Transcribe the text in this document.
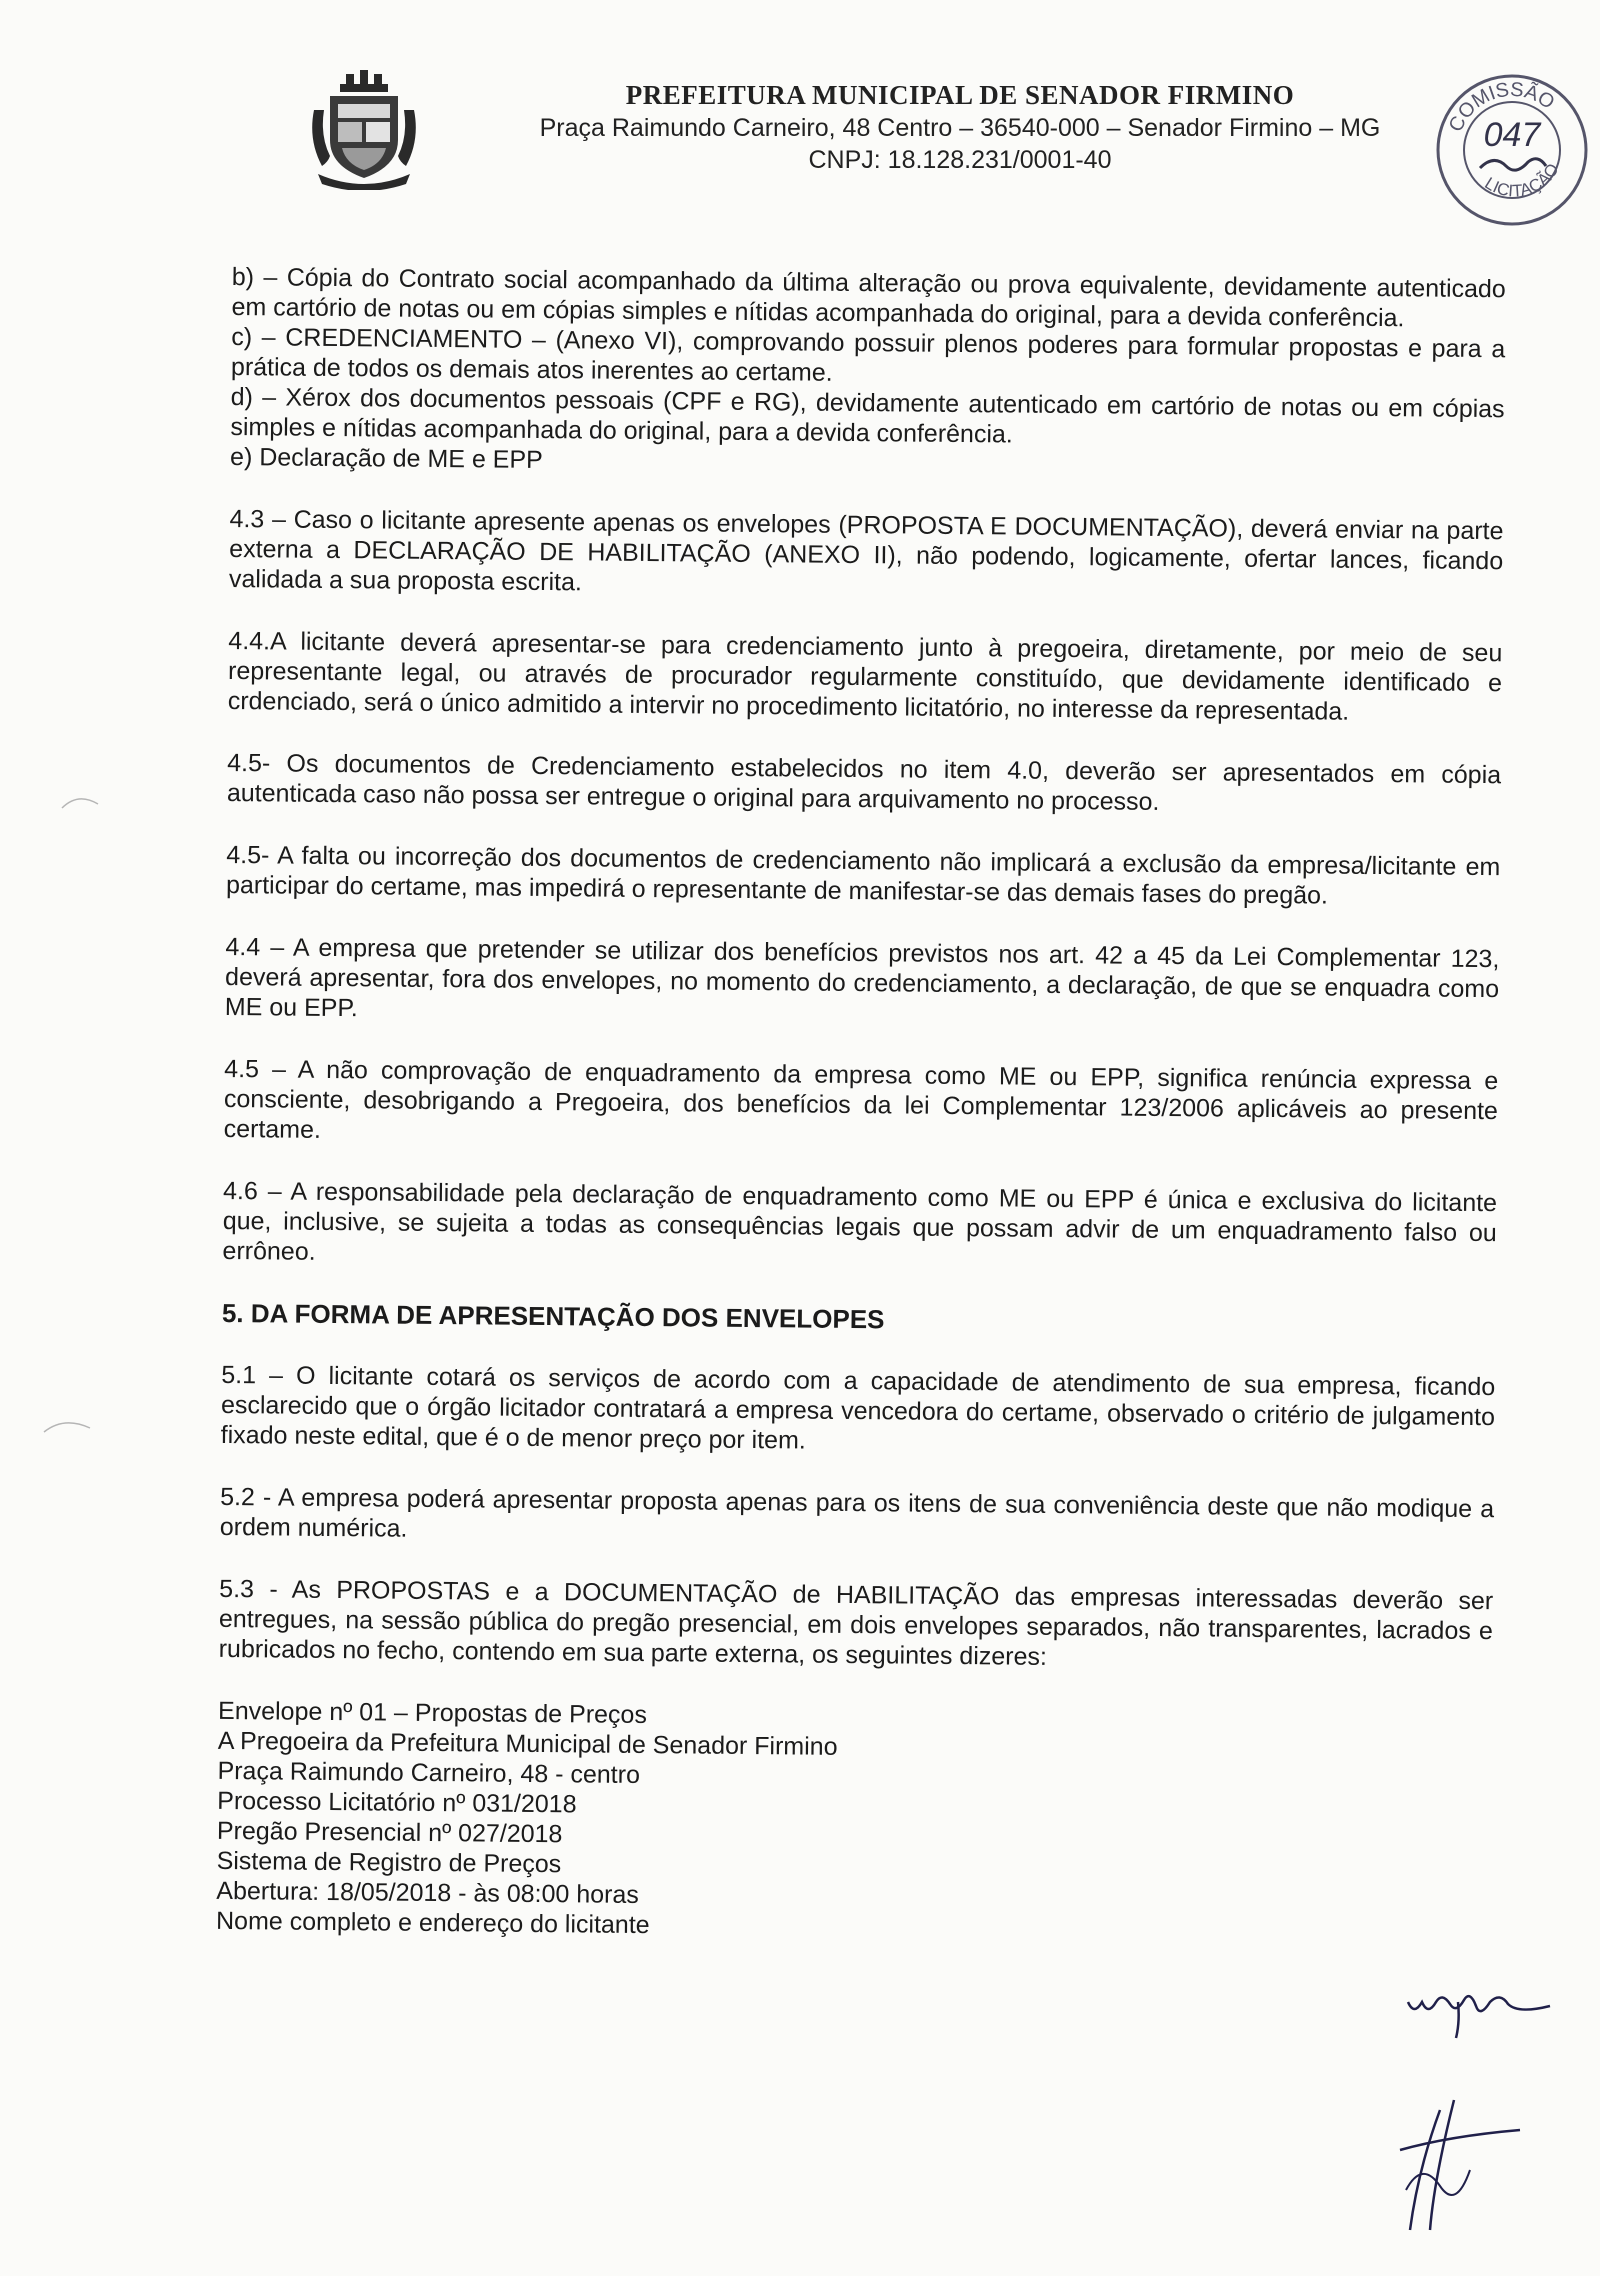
PREFEITURA MUNICIPAL DE SENADOR FIRMINO

Praça Raimundo Carneiro, 48 Centro – 36540-000 – Senador Firmino – MG

CNPJ: 18.128.231/0001-40

COMISSÃO
LICITAÇÃO
047

b) – Cópia do Contrato social acompanhado da última alteração ou prova equivalente, devidamente autenticado em cartório de notas ou em cópias simples e nítidas acompanhada do original, para a devida conferência.

c) – CREDENCIAMENTO – (Anexo VI), comprovando possuir plenos poderes para formular propostas e para a prática de todos os demais atos inerentes ao certame.

d) – Xérox dos documentos pessoais (CPF e RG), devidamente autenticado em cartório de notas ou em cópias simples e nítidas acompanhada do original, para a devida conferência.

e) Declaração de ME e EPP

4.3 – Caso o licitante apresente apenas os envelopes (PROPOSTA E DOCUMENTAÇÃO), deverá enviar na parte externa a DECLARAÇÃO DE HABILITAÇÃO (ANEXO II), não podendo, logicamente, ofertar lances, ficando validada a sua proposta escrita.

4.4.A licitante deverá apresentar-se para credenciamento junto à pregoeira, diretamente, por meio de seu representante legal, ou através de procurador regularmente constituído, que devidamente identificado e crdenciado, será o único admitido a intervir no procedimento licitatório, no interesse da representada.

4.5- Os documentos de Credenciamento estabelecidos no item 4.0, deverão ser apresentados em cópia autenticada caso não possa ser entregue o original para arquivamento no processo.

4.5- A falta ou incorreção dos documentos de credenciamento não implicará a exclusão da empresa/licitante em participar do certame, mas impedirá o representante de manifestar-se das demais fases do pregão.

4.4 – A empresa que pretender se utilizar dos benefícios previstos nos art. 42 a 45 da Lei Complementar 123, deverá apresentar, fora dos envelopes, no momento do credenciamento, a declaração, de que se enquadra como ME ou EPP.

4.5 – A não comprovação de enquadramento da empresa como ME ou EPP, significa renúncia expressa e consciente, desobrigando a Pregoeira, dos benefícios da lei Complementar 123/2006 aplicáveis ao presente certame.

4.6 – A responsabilidade pela declaração de enquadramento como ME ou EPP é única e exclusiva do licitante que, inclusive, se sujeita a todas as consequências legais que possam advir de um enquadramento falso ou errôneo.

5. DA FORMA DE APRESENTAÇÃO DOS ENVELOPES

5.1 – O licitante cotará os serviços de acordo com a capacidade de atendimento de sua empresa, ficando esclarecido que o órgão licitador contratará a empresa vencedora do certame, observado o critério de julgamento fixado neste edital, que é o de menor preço por item.

5.2 - A empresa poderá apresentar proposta apenas para os itens de sua conveniência deste que não modique a ordem numérica.

5.3 - As PROPOSTAS e a DOCUMENTAÇÃO de HABILITAÇÃO das empresas interessadas deverão ser entregues, na sessão pública do pregão presencial, em dois envelopes separados, não transparentes, lacrados e rubricados no fecho, contendo em sua parte externa, os seguintes dizeres:

Envelope nº 01 – Propostas de Preços

A Pregoeira da Prefeitura Municipal de Senador Firmino

Praça Raimundo Carneiro, 48 - centro

Processo Licitatório nº 031/2018

Pregão Presencial nº 027/2018

Sistema de Registro de Preços

Abertura: 18/05/2018 - às 08:00 horas

Nome completo e endereço do licitante
